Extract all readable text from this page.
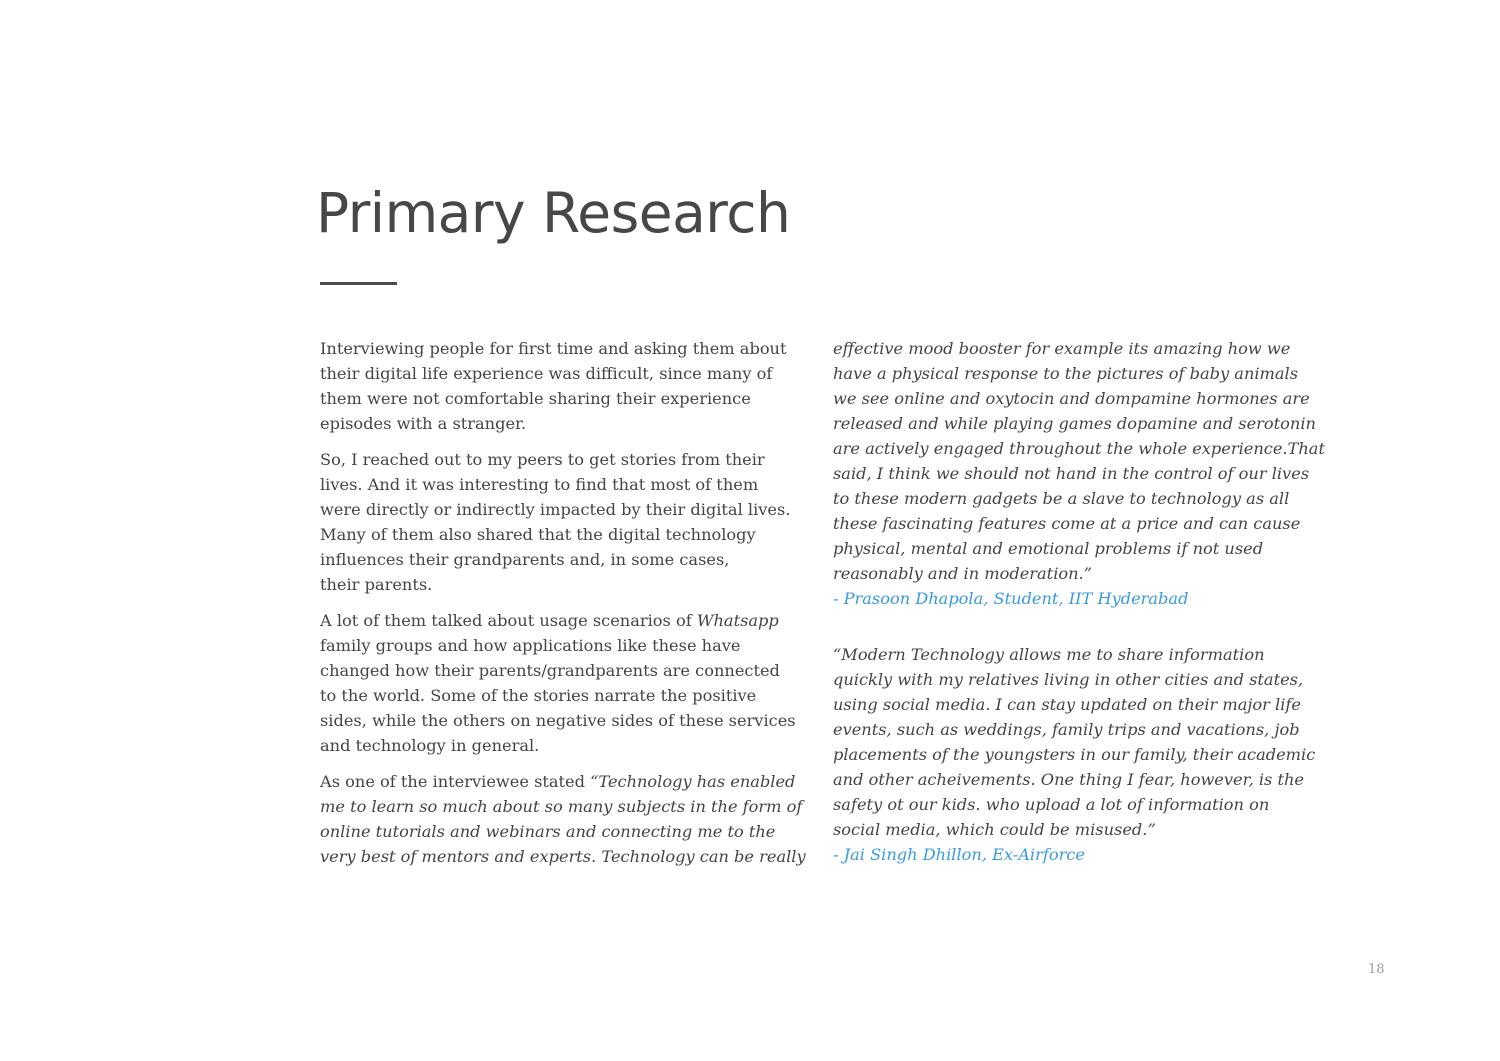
Primary Research

Interviewing people for first time and asking them about
their digital life experience was difficult, since many of
them were not comfortable sharing their experience
episodes with a stranger.

So, I reached out to my peers to get stories from their
lives. And it was interesting to find that most of them
were directly or indirectly impacted by their digital lives.
Many of them also shared that the digital technology
influences their grandparents and, in some cases,
their parents.

A lot of them talked about usage scenarios of Whatsapp
family groups and how applications like these have
changed how their parents/grandparents are connected
to the world. Some of the stories narrate the positive
sides, while the others on negative sides of these services
and technology in general.

As one of the interviewee stated “Technology has enabled
me to learn so much about so many subjects in the form of
online tutorials and webinars and connecting me to the
very best of mentors and experts. Technology can be really

effective mood booster for example its amazing how we
have a physical response to the pictures of baby animals
we see online and oxytocin and dompamine hormones are
released and while playing games dopamine and serotonin
are actively engaged throughout the whole experience.That
said, I think we should not hand in the control of our lives
to these modern gadgets be a slave to technology as all
these fascinating features come at a price and can cause
physical, mental and emotional problems if not used
reasonably and in moderation.”
- Prasoon Dhapola, Student, IIT Hyderabad
“Modern Technology allows me to share information
quickly with my relatives living in other cities and states,
using social media. I can stay updated on their major life
events, such as weddings, family trips and vacations, job
placements of the youngsters in our family, their academic
and other acheivements. One thing I fear, however, is the
safety ot our kids. who upload a lot of information on
social media, which could be misused.”
- Jai Singh Dhillon, Ex-Airforce
18
